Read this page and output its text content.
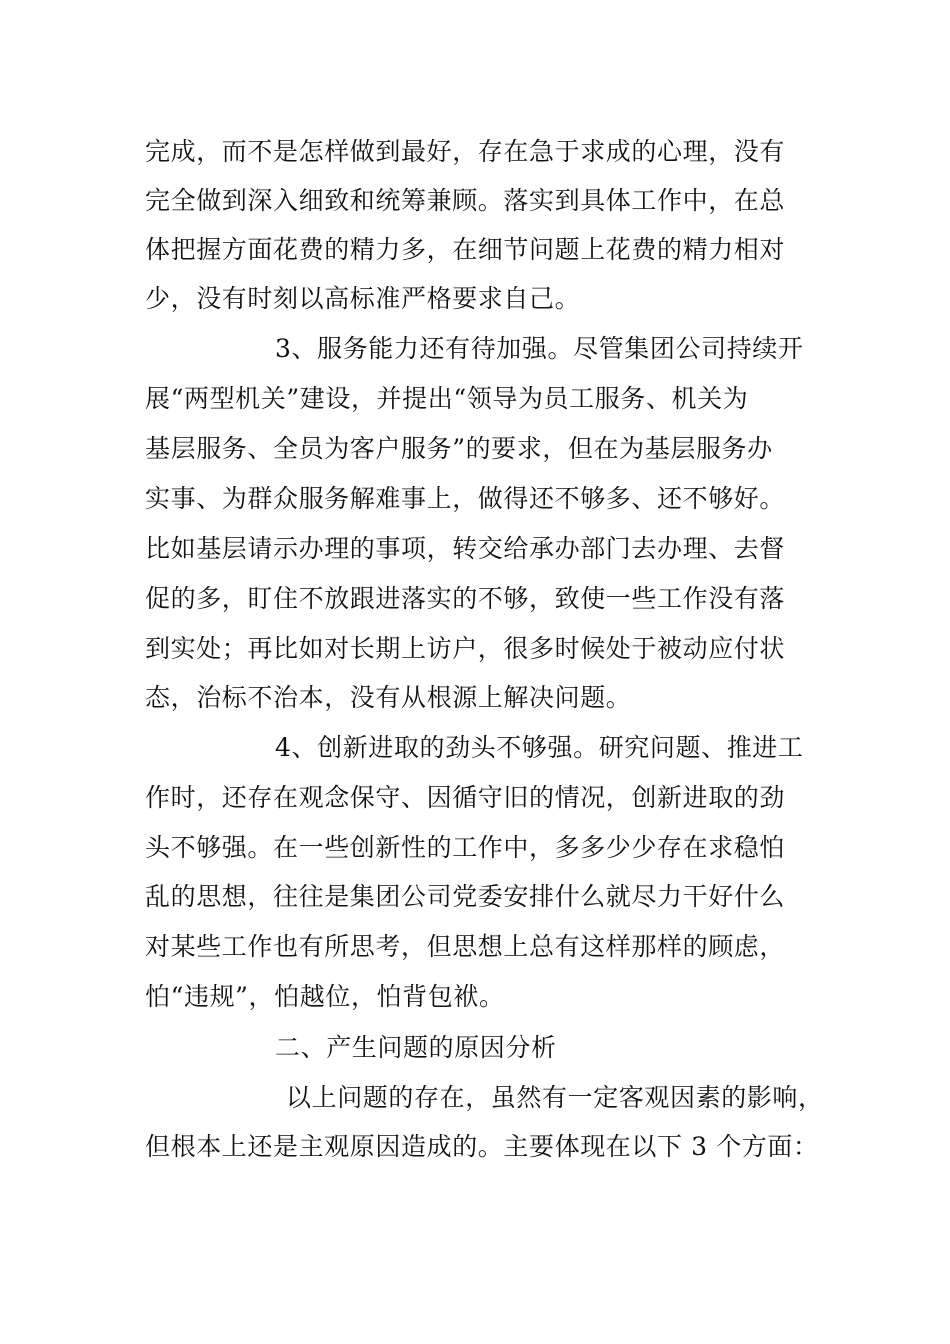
完成，而不是怎样做到最好，存在急于求成的心理，没有
完全做到深入细致和统筹兼顾。落实到具体工作中，在总
体把握方面花费的精力多，在细节问题上花费的精力相对
少，没有时刻以高标准严格要求自己。
3、服务能力还有待加强。尽管集团公司持续开
展“两型机关”建设，并提出“领导为员工服务、机关为
基层服务、全员为客户服务”的要求，但在为基层服务办
实事、为群众服务解难事上，做得还不够多、还不够好。
比如基层请示办理的事项，转交给承办部门去办理、去督
促的多，盯住不放跟进落实的不够，致使一些工作没有落
到实处；再比如对长期上访户，很多时候处于被动应付状
态，治标不治本，没有从根源上解决问题。
4、创新进取的劲头不够强。研究问题、推进工
作时，还存在观念保守、因循守旧的情况，创新进取的劲
头不够强。在一些创新性的工作中，多多少少存在求稳怕
乱的思想，往往是集团公司党委安排什么就尽力干好什么
对某些工作也有所思考，但思想上总有这样那样的顾虑，
怕“违规”，怕越位，怕背包袱。
二、产生问题的原因分析
以上问题的存在，虽然有一定客观因素的影响，
但根本上还是主观原因造成的。主要体现在以下 3 个方面：
